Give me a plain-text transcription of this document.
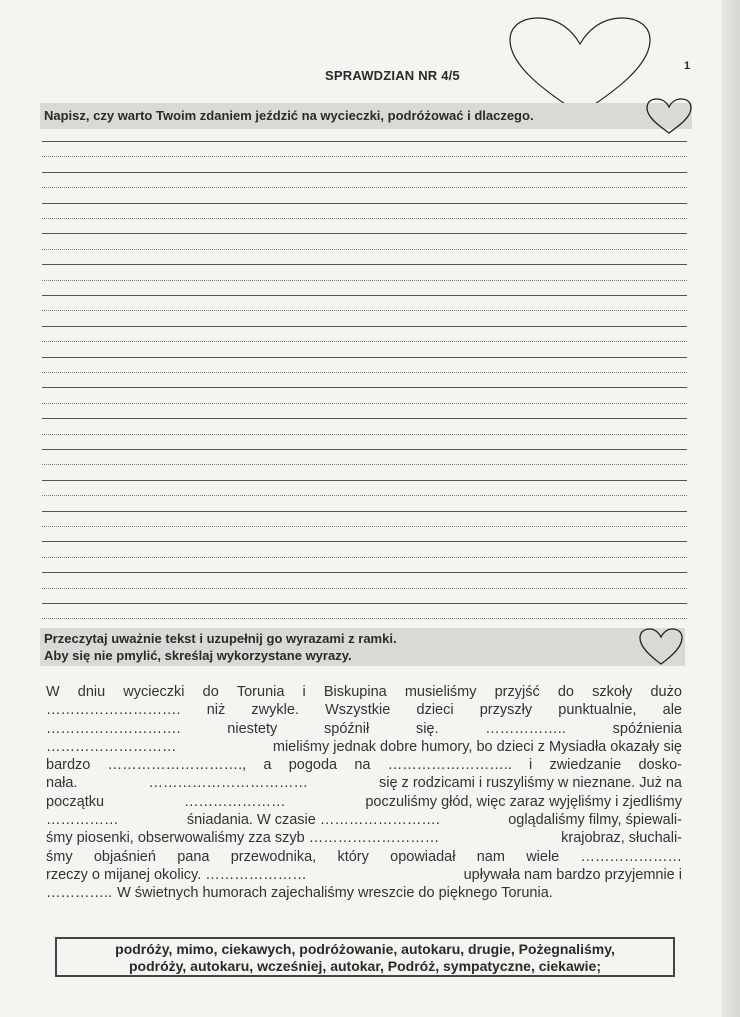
1
SPRAWDZIAN NR 4/5
Napisz, czy warto Twoim zdaniem jeździć na wycieczki, podróżować i dlaczego.
Przeczytaj uważnie tekst i uzupełnij go wyrazami z ramki.
Aby się nie pmylić, skreślaj wykorzystane wyrazy.
W dniu wycieczki do Torunia i Biskupina musieliśmy przyjść do szkoły dużo
………………………. niż zwykle. Wszystkie dzieci przyszły punktualnie, ale
……………………….	niestety	spóźnił	się.	……………..	spóźnienia
………………………	mieliśmy jednak dobre humory, bo dzieci z Mysiadła okazały się
bardzo ………………………., a pogoda na …………………….. i zwiedzanie dosko-
nała.	……………………………	się z rodzicami i ruszyliśmy w nieznane. Już na
początku	…………………	poczuliśmy głód, więc zaraz wyjęliśmy i zjedliśmy
……………	śniadania. W czasie …………………….	oglądaliśmy filmy, śpiewali-
śmy piosenki, obserwowaliśmy zza szyb ………………………	krajobraz, słuchali-
śmy objaśnień pana przewodnika, który opowiadał nam wiele …………………
rzeczy o mijanej okolicy. …………………	upływała nam bardzo przyjemnie i
………….. W świetnych humorach zajechaliśmy wreszcie do pięknego Torunia.
podróży, mimo, ciekawych, podróżowanie, autokaru, drugie, Pożegnaliśmy,
podróży, autokaru, wcześniej, autokar, Podróż, sympatyczne, ciekawie;
